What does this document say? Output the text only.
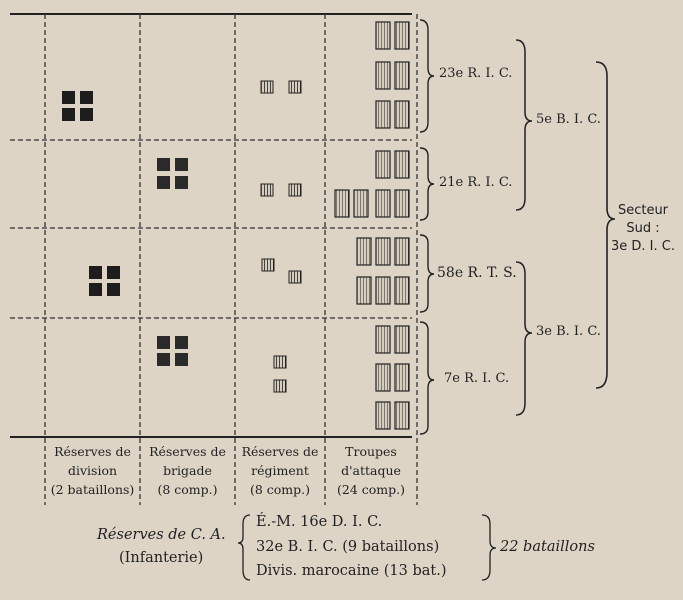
23e R. I. C.
21e R. I. C.
58e R. T. S.
7e R. I. C.
5e B. I. C.
3e B. I. C.
Secteur
Sud :
3e D. I. C.
Réserves de
division
(2 bataillons)
Réserves de
brigade
(8 comp.)
Réserves de
régiment
(8 comp.)
Troupes
d'attaque
(24 comp.)
Réserves de C. A.
(Infanterie)
É.-M. 16e D. I. C.
32e B. I. C. (9 bataillons)
Divis. marocaine (13 bat.)
22 bataillons
